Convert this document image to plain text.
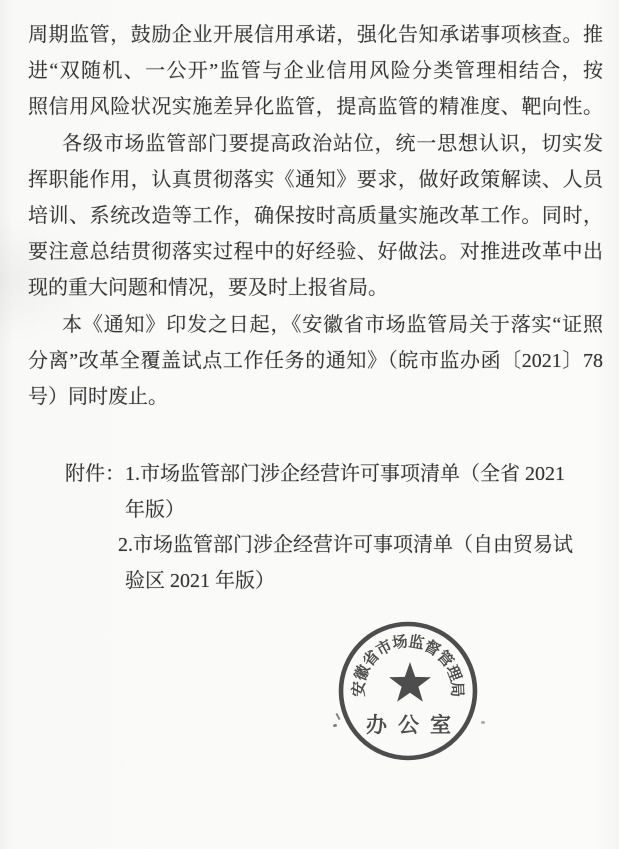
周期监管，鼓励企业开展信用承诺，强化告知承诺事项核查。推
进“双随机、一公开”监管与企业信用风险分类管理相结合，按
照信用风险状况实施差异化监管，提高监管的精准度、靶向性。
各级市场监管部门要提高政治站位，统一思想认识，切实发
挥职能作用，认真贯彻落实《通知》要求，做好政策解读、人员
培训、系统改造等工作，确保按时高质量实施改革工作。同时，
要注意总结贯彻落实过程中的好经验、好做法。对推进改革中出
现的重大问题和情况，要及时上报省局。
本《通知》印发之日起，《安徽省市场监管局关于落实“证照
分离”改革全覆盖试点工作任务的通知》（皖市监办函〔2021〕78
号）同时废止。
附件：1.市场监管部门涉企经营许可事项清单（全省 2021
年版）
2.市场监管部门涉企经营许可事项清单（自由贸易试
验区 2021 年版）
安徽省市场监督管理局
办公室
